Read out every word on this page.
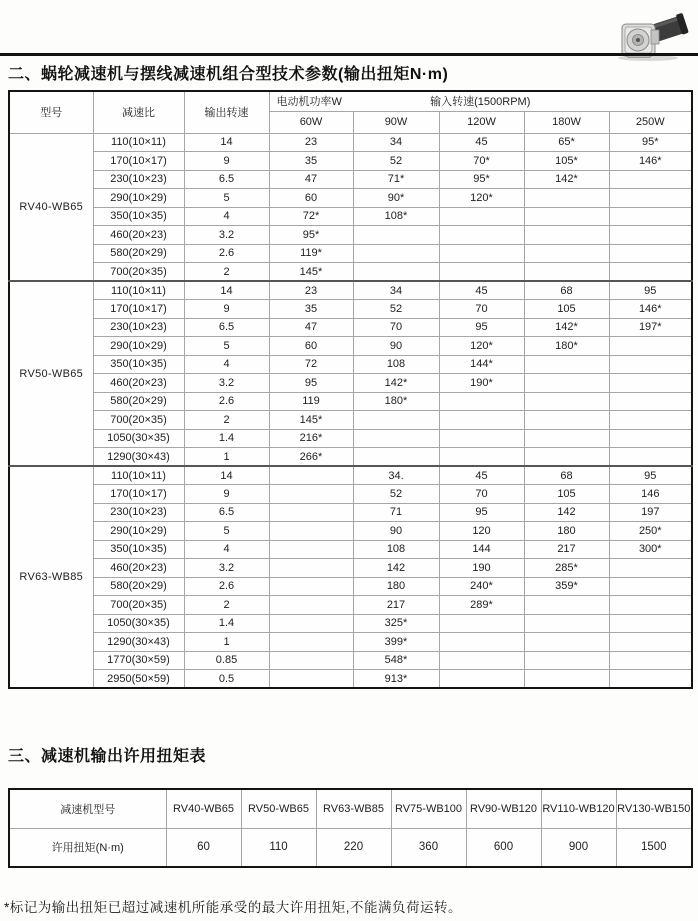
二、蜗轮减速机与摆线减速机组合型技术参数(输出扭矩N·m)
型号	减速比	输出转速	电动机功率W 输入转速(1500RPM)				

			60W	90W	120W	180W	250W
RV40-WB65	110(10×11)	14	23	34	45	65*	95*
	170(10×17)	9	35	52	70*	105*	146*
	230(10×23)	6.5	47	71*	95*	142*	
	290(10×29)	5	60	90*	120*		
	350(10×35)	4	72*	108*			
	460(20×23)	3.2	95*				
	580(20×29)	2.6	119*				
	700(20×35)	2	145*				
RV50-WB65	110(10×11)	14	23	34	45	68	95
	170(10×17)	9	35	52	70	105	146*
	230(10×23)	6.5	47	70	95	142*	197*
	290(10×29)	5	60	90	120*	180*	
	350(10×35)	4	72	108	144*		
	460(20×23)	3.2	95	142*	190*		
	580(20×29)	2.6	119	180*			
	700(20×35)	2	145*				
	1050(30×35)	1.4	216*				
	1290(30×43)	1	266*				
RV63-WB85	110(10×11)	14		34.	45	68	95
	170(10×17)	9		52	70	105	146
	230(10×23)	6.5		71	95	142	197
	290(10×29)	5		90	120	180	250*
	350(10×35)	4		108	144	217	300*
	460(20×23)	3.2		142	190	285*	
	580(20×29)	2.6		180	240*	359*	
	700(20×35)	2		217	289*		
	1050(30×35)	1.4		325*			
	1290(30×43)	1		399*			
	1770(30×59)	0.85		548*			
	2950(50×59)	0.5		913*			
三、减速机输出许用扭矩表
减速机型号	RV40-WB65	RV50-WB65	RV63-WB85	RV75-WB100	RV90-WB120	RV110-WB120	RV130-WB150
许用扭矩(N·m)	60	110	220	360	600	900	1500
*标记为输出扭矩已超过减速机所能承受的最大许用扭矩,不能满负荷运转。
